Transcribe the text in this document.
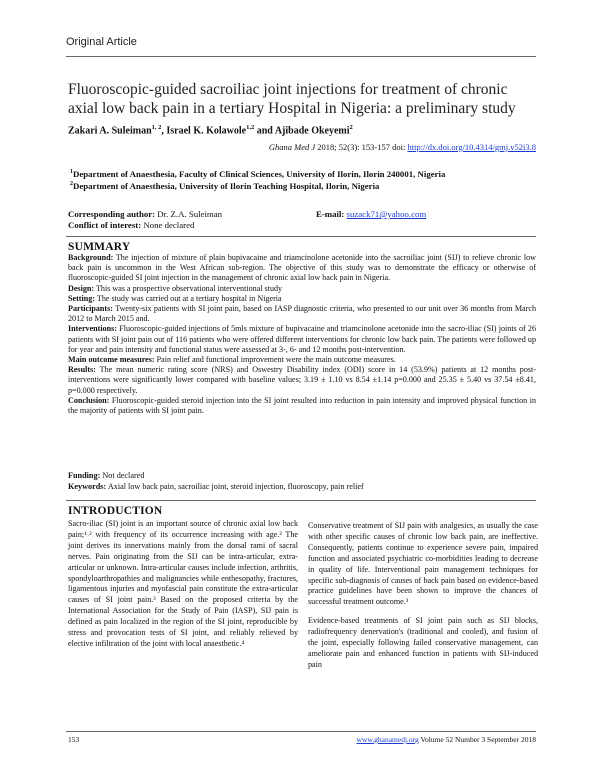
Original Article
Fluoroscopic-guided sacroiliac joint injections for treatment of chronic axial low back pain in a tertiary Hospital in Nigeria: a preliminary study
Zakari A. Suleiman$^{1, 2}$, Israel K. Kolawole$^{1,2}$ and Ajibade Okeyemi$^2$
Ghana Med J 2018; 52(3): 153-157 doi: http://dx.doi.org/10.4314/gmj.v52i3.8
$^1$Department of Anaesthesia, Faculty of Clinical Sciences, University of Ilorin, Ilorin 240001, Nigeria
$^2$Department of Anaesthesia, University of Ilorin Teaching Hospital, Ilorin, Nigeria
Corresponding author: Dr. Z.A. Suleiman
Conflict of interest: None declared
E-mail: suzack71@yahoo.com
SUMMARY

Background: The injection of mixture of plain bupivacaine and triamcinolone acetonide into the sacroiliac joint (SIJ) to relieve chronic low back pain is uncommon in the West African sub-region. The objective of this study was to demonstrate the efficacy or otherwise of fluoroscopic-guided SI joint injection in the management of chronic axial low back pain in Nigeria.

Design: This was a prospective observational interventional study

Setting: The study was carried out at a tertiary hospital in Nigeria

Participants: Twenty-six patients with SI joint pain, based on IASP diagnostic criteria, who presented to our unit over 36 months from March 2012 to March 2015 and.

Interventions: Fluoroscopic-guided injections of 5mls mixture of bupivacaine and triamcinolone acetonide into the sacro-iliac (SI) joints of 26 patients with SI joint pain out of 116 patients who were offered different interventions for chronic low back pain. The patients were followed up for year and pain intensity and functional status were assessed at 3-, 6- and 12 months post-intervention.

Main outcome measures: Pain relief and functional improvement were the main outcome measures.

Results: The mean numeric rating score (NRS) and Oswestry Disability index (ODI) score in 14 (53.9%) patients at 12 months post-interventions were significantly lower compared with baseline values; 3.19 ± 1.10 vs 8.54 ±1.14 p=0.000 and 25.35 ± 5.40 vs 37.54 ±8.41, p=0.000 respectively.

Conclusion: Fluoroscopic-guided steroid injection into the SI joint resulted into reduction in pain intensity and improved physical function in the majority of patients with SI joint pain.

Funding: Not declared
Keywords: Axial low back pain, sacroiliac joint, steroid injection, fluoroscopy, pain relief
INTRODUCTION

Sacro-iliac (SI) joint is an important source of chronic axial low back pain;¹˒² with frequency of its occurrence increasing with age.² The joint derives its innervations mainly from the dorsal rami of sacral nerves. Pain originating from the SIJ can be intra-articular, extra-articular or unknown. Intra-articular causes include infection, arthritis, spondyloarthropathies and malignancies while enthesopathy, fractures, ligamentous injuries and myofascial pain constitute the extra-articular causes of SI joint pain.³ Based on the proposed criteria by the International Association for the Study of Pain (IASP), SIJ pain is defined as pain localized in the region of the SI joint, reproducible by stress and provocation tests of SI joint, and reliably relieved by elective infiltration of the joint with local anaesthetic.⁴

Conservative treatment of SIJ pain with analgesics, as usually the case with other specific causes of chronic low back pain, are ineffective. Consequently, patients continue to experience severe pain, impaired function and associated psychiatric co-morbidities leading to decrease in quality of life. Interventional pain management techniques for specific sub-diagnosis of causes of back pain based on evidence-based practice guidelines have been shown to improve the chances of successful treatment outcome.³

Evidence-based treatments of SI joint pain such as SIJ blocks, radiofrequency denervation's (traditional and cooled), and fusion of the joint, especially following failed conservative management, can ameliorate pain and enhanced function in patients with SIJ-induced pain

153	www.ghanamedj.org Volume 52 Number 3 September 2018
